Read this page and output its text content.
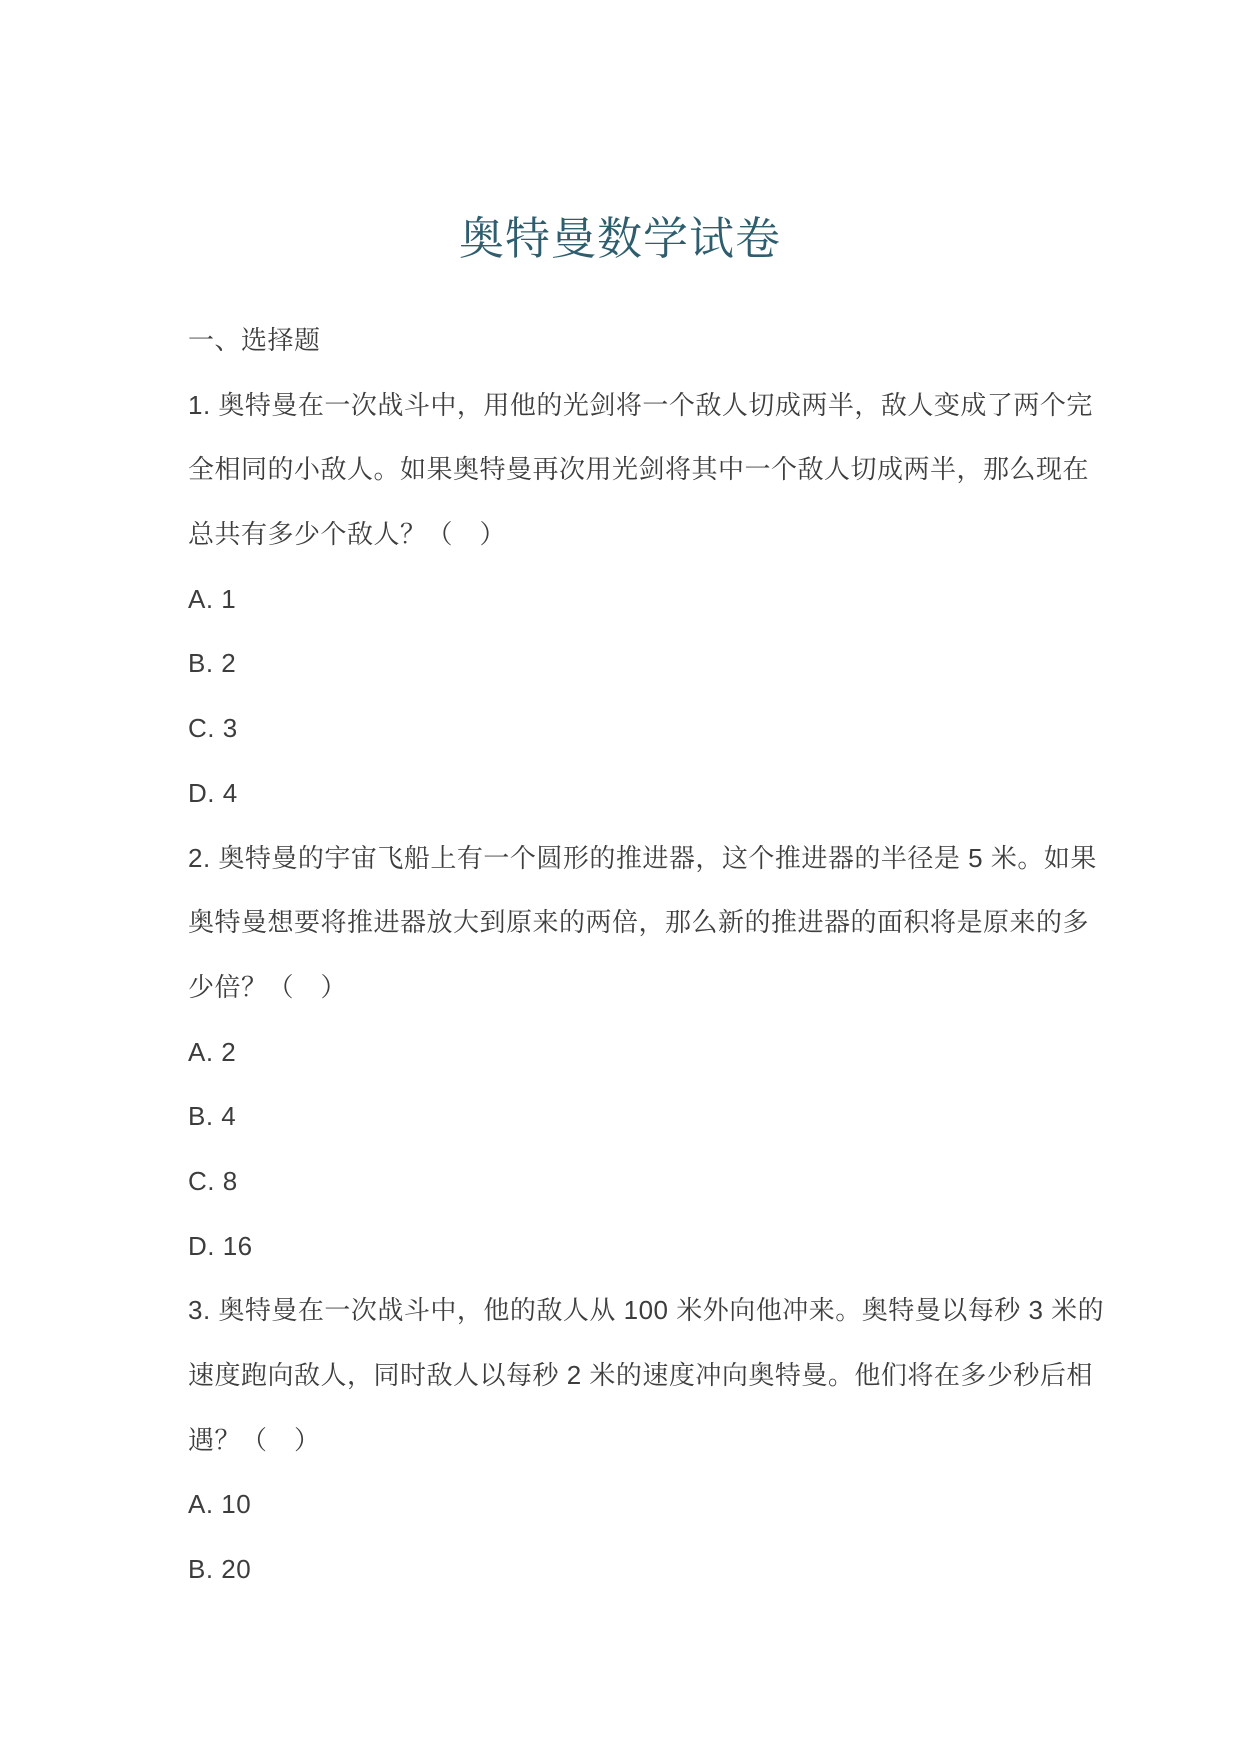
奥特曼数学试卷

一、选择题

1. 奥特曼在一次战斗中，用他的光剑将一个敌人切成两半，敌人变成了两个完

全相同的小敌人。如果奥特曼再次用光剑将其中一个敌人切成两半，那么现在

总共有多少个敌人？（　）

A. 1

B. 2

C. 3

D. 4

2. 奥特曼的宇宙飞船上有一个圆形的推进器，这个推进器的半径是 5 米。如果

奥特曼想要将推进器放大到原来的两倍，那么新的推进器的面积将是原来的多

少倍？（　）

A. 2

B. 4

C. 8

D. 16

3. 奥特曼在一次战斗中，他的敌人从 100 米外向他冲来。奥特曼以每秒 3 米的

速度跑向敌人，同时敌人以每秒 2 米的速度冲向奥特曼。他们将在多少秒后相

遇？（　）

A. 10

B. 20
